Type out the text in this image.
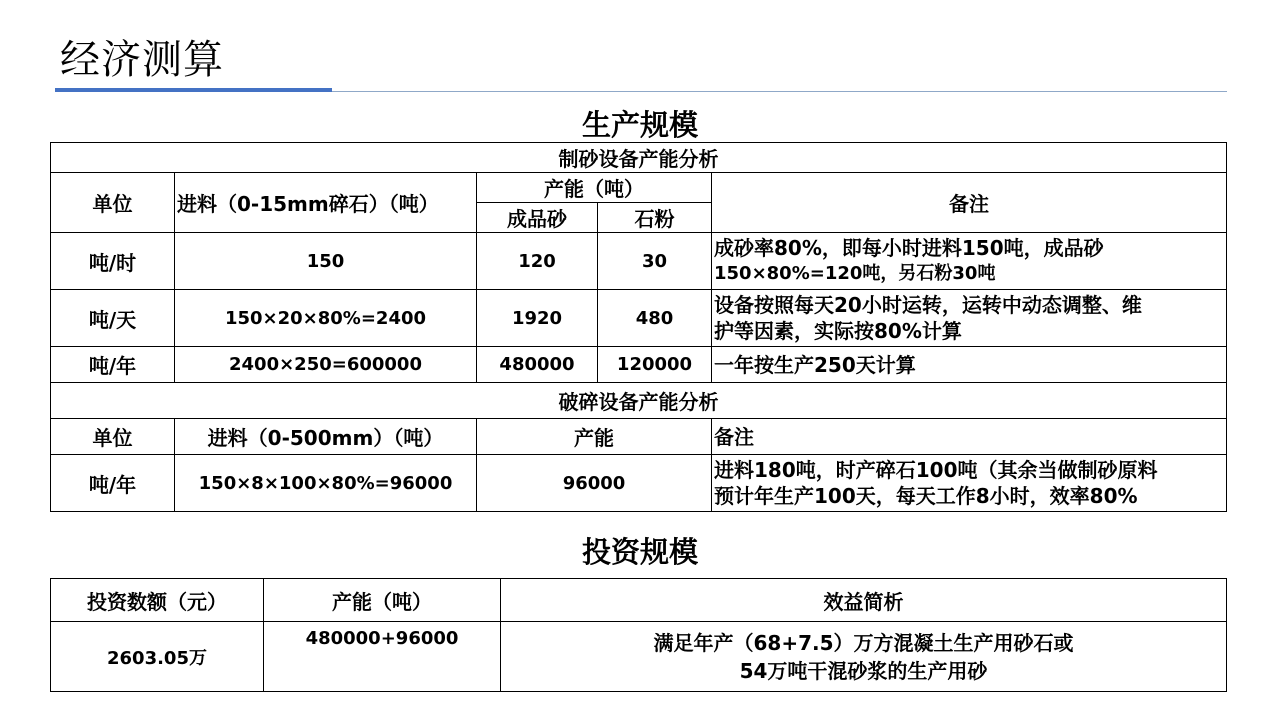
经济测算
生产规模
制砂设备产能分析				
单位	进料（0-15mm碎石）（吨）	产能（吨）		备注
		成品砂	石粉	
吨/时	150	120	30	成砂率80%，即每小时进料150吨，成品砂
150×80%=120吨，另石粉30吨

吨/天	150×20×80%=2400	1920	480	设备按照每天20小时运转，运转中动态调整、维
护等因素，实际按80%计算

吨/年	2400×250=600000	480000	120000	一年按生产250天计算

破碎设备产能分析				
单位	进料（0-500mm）（吨）	产能		备注
吨/年	150×8×100×80%=96000	96000		进料180吨，时产碎石100吨（其余当做制砂原料
预计年生产100天，每天工作8小时，效率80%
投资规模
投资数额（元）	产能（吨）	效益简析
2603.05万	480000+96000	满足年产（68+7.5）万方混凝土生产用砂石或
54万吨干混砂浆的生产用砂
